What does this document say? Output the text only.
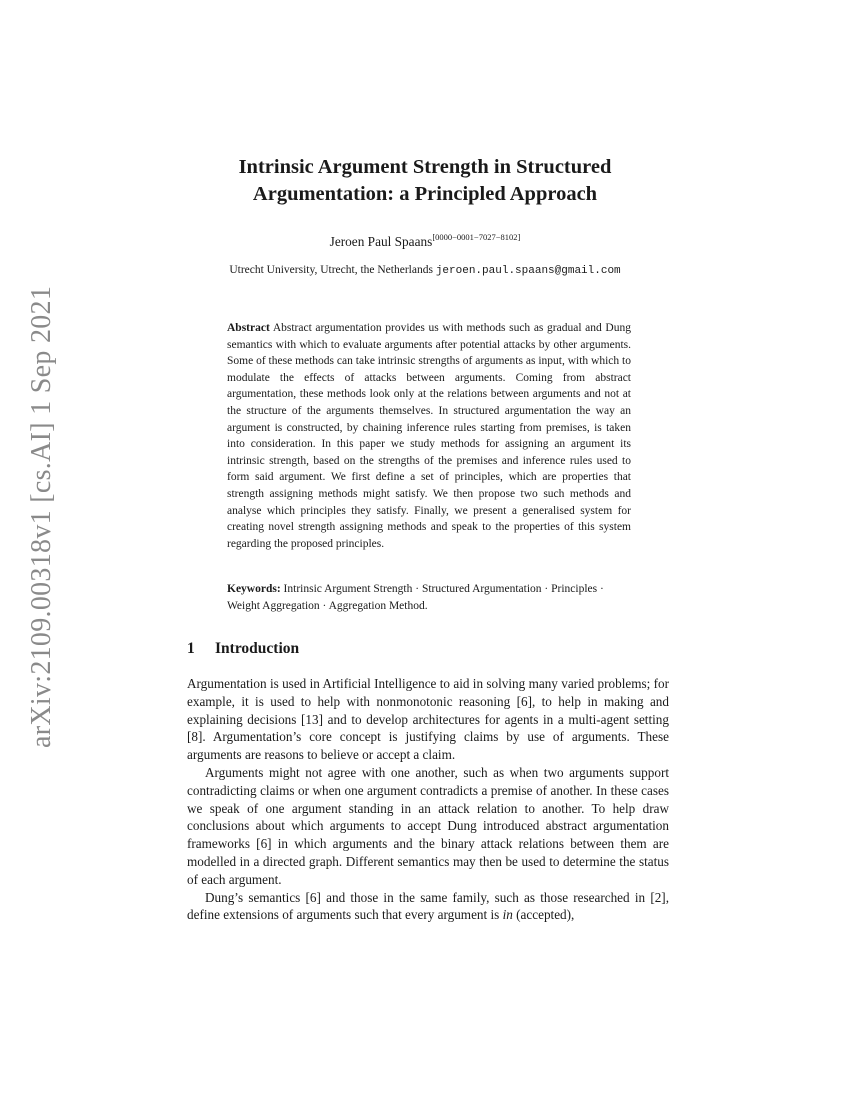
arXiv:2109.00318v1 [cs.AI] 1 Sep 2021
Intrinsic Argument Strength in Structured
Argumentation: a Principled Approach
Jeroen Paul Spaans[0000−0001−7027−8102]
Utrecht University, Utrecht, the Netherlands jeroen.paul.spaans@gmail.com

Abstract Abstract argumentation provides us with methods such as gradual and Dung semantics with which to evaluate arguments after potential attacks by other arguments. Some of these methods can take intrinsic strengths of arguments as input, with which to modulate the effects of attacks between arguments. Coming from abstract argumentation, these methods look only at the relations between arguments and not at the structure of the arguments themselves. In structured argumentation the way an argument is constructed, by chaining inference rules starting from premises, is taken into consideration. In this paper we study methods for assigning an argument its intrinsic strength, based on the strengths of the premises and inference rules used to form said argument. We first define a set of principles, which are properties that strength assigning methods might satisfy. We then propose two such methods and analyse which principles they satisfy. Finally, we present a generalised system for creating novel strength assigning methods and speak to the properties of this system regarding the proposed principles.

Keywords: Intrinsic Argument Strength · Structured Argumentation · Principles · Weight Aggregation · Aggregation Method.

1 Introduction

Argumentation is used in Artificial Intelligence to aid in solving many varied problems; for example, it is used to help with nonmonotonic reasoning [6], to help in making and explaining decisions [13] and to develop architectures for agents in a multi-agent setting [8]. Argumentation’s core concept is justifying claims by use of arguments. These arguments are reasons to believe or accept a claim.

Arguments might not agree with one another, such as when two arguments support contradicting claims or when one argument contradicts a premise of another. In these cases we speak of one argument standing in an attack relation to another. To help draw conclusions about which arguments to accept Dung introduced abstract argumentation frameworks [6] in which arguments and the binary attack relations between them are modelled in a directed graph. Different semantics may then be used to determine the status of each argument.

Dung’s semantics [6] and those in the same family, such as those researched in [2], define extensions of arguments such that every argument is in (accepted),
